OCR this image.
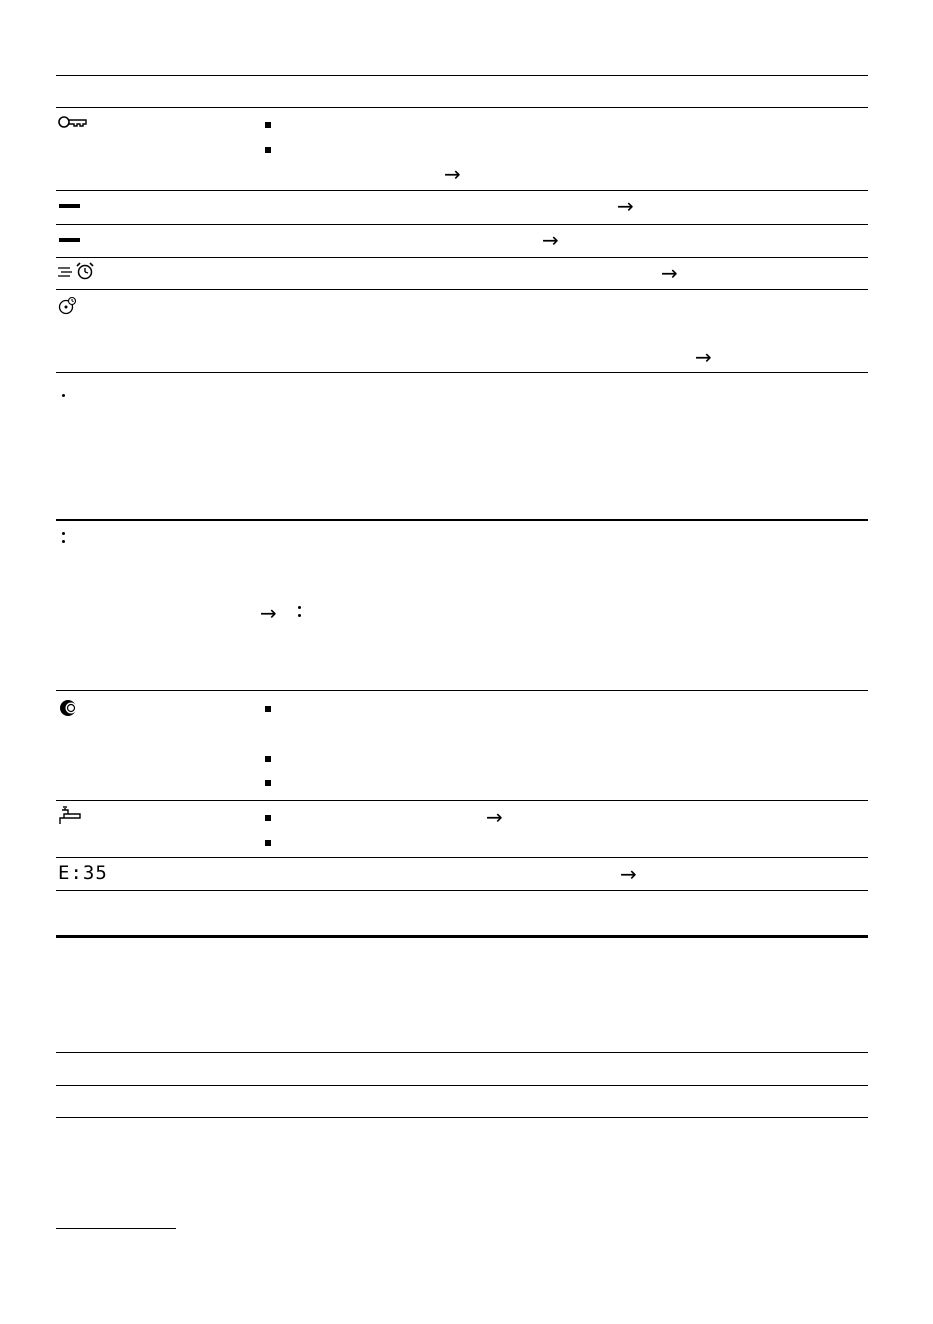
→
→
→
→
→
→
→
E:35	→
